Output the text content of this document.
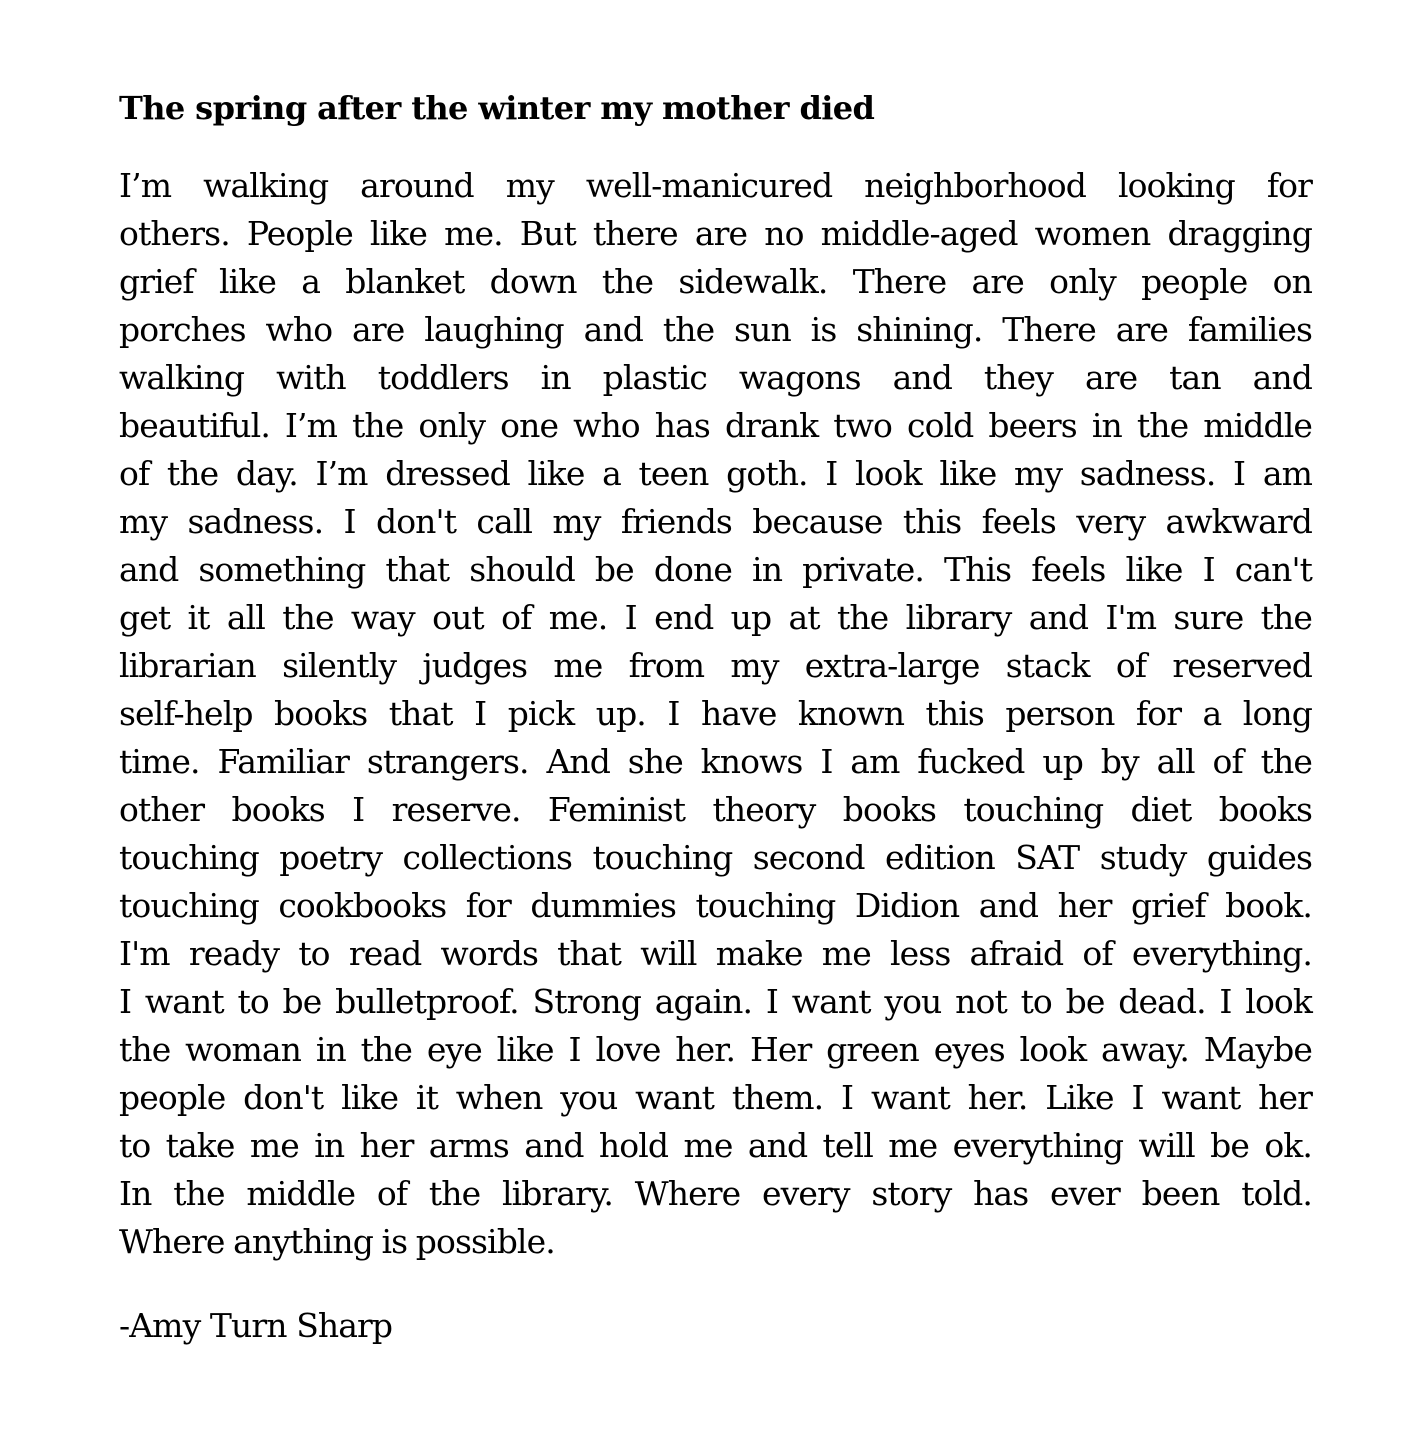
The spring after the winter my mother died
I’m walking around my well-manicured neighborhood looking for
others. People like me. But there are no middle-aged women dragging
grief like a blanket down the sidewalk. There are only people on
porches who are laughing and the sun is shining. There are families
walking with toddlers in plastic wagons and they are tan and
beautiful. I’m the only one who has drank two cold beers in the middle
of the day. I’m dressed like a teen goth. I look like my sadness. I am
my sadness. I don't call my friends because this feels very awkward
and something that should be done in private. This feels like I can't
get it all the way out of me. I end up at the library and I'm sure the
librarian silently judges me from my extra-large stack of reserved
self-help books that I pick up. I have known this person for a long
time. Familiar strangers. And she knows I am fucked up by all of the
other books I reserve. Feminist theory books touching diet books
touching poetry collections touching second edition SAT study guides
touching cookbooks for dummies touching Didion and her grief book.
I'm ready to read words that will make me less afraid of everything.
I want to be bulletproof. Strong again. I want you not to be dead. I look
the woman in the eye like I love her. Her green eyes look away. Maybe
people don't like it when you want them. I want her. Like I want her
to take me in her arms and hold me and tell me everything will be ok.
In the middle of the library. Where every story has ever been told.
Where anything is possible.

-Amy Turn Sharp
